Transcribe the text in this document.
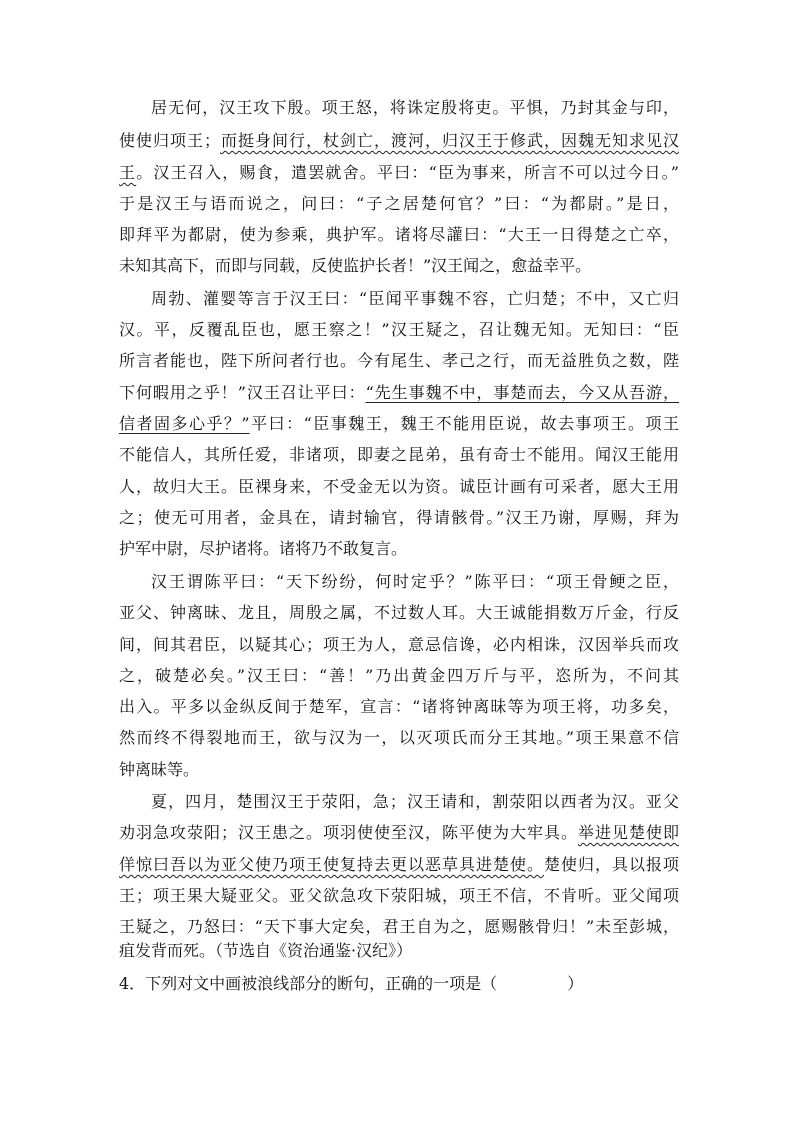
居无何，汉王攻下殷。项王怒，将诛定殷将吏。平惧，乃封其金与印，
使使归项王；而挺身间行，杖剑亡，渡河，归汉王于修武，因魏无知求见汉
王。汉王召入，赐食，遣罢就舍。平曰：“臣为事来，所言不可以过今日。”
于是汉王与语而说之，问曰：“子之居楚何官？”曰：“为都尉。”是日，
即拜平为都尉，使为参乘，典护军。诸将尽讙曰：“大王一日得楚之亡卒，
未知其高下，而即与同载，反使监护长者！”汉王闻之，愈益幸平。
周勃、灌婴等言于汉王曰：“臣闻平事魏不容，亡归楚；不中，又亡归
汉。平，反覆乱臣也，愿王察之！”汉王疑之，召让魏无知。无知曰：“臣
所言者能也，陛下所问者行也。今有尾生、孝己之行，而无益胜负之数，陛
下何暇用之乎！”汉王召让平曰：“先生事魏不中，事楚而去，今又从吾游，
信者固多心乎？”平曰：“臣事魏王，魏王不能用臣说，故去事项王。项王
不能信人，其所任爱，非诸项，即妻之昆弟，虽有奇士不能用。闻汉王能用
人，故归大王。臣裸身来，不受金无以为资。诚臣计画有可采者，愿大王用
之；使无可用者，金具在，请封输官，得请骸骨。”汉王乃谢，厚赐，拜为
护军中尉，尽护诸将。诸将乃不敢复言。
汉王谓陈平曰：“天下纷纷，何时定乎？”陈平曰：“项王骨鲠之臣，
亚父、钟离昧、龙且，周殷之属，不过数人耳。大王诚能捐数万斤金，行反
间，间其君臣，以疑其心；项王为人，意忌信谗，必内相诛，汉因举兵而攻
之，破楚必矣。”汉王曰：“善！”乃出黄金四万斤与平，恣所为，不问其
出入。平多以金纵反间于楚军，宣言：“诸将钟离昧等为项王将，功多矣，
然而终不得裂地而王，欲与汉为一，以灭项氏而分王其地。”项王果意不信
钟离昧等。
夏，四月，楚围汉王于荥阳，急；汉王请和，割荥阳以西者为汉。亚父
劝羽急攻荥阳；汉王患之。项羽使使至汉，陈平使为大牢具。举进见楚使即
佯惊曰吾以为亚父使乃项王使复持去更以恶草具进楚使。楚使归，具以报项
王；项王果大疑亚父。亚父欲急攻下荥阳城，项王不信，不肯听。亚父闻项
王疑之，乃怒曰：“天下事大定矣，君王自为之，愿赐骸骨归！”未至彭城，
疽发背而死。（节选自《资治通鉴·汉纪》）
4．下列对文中画被浪线部分的断句，正确的一项是（	）
